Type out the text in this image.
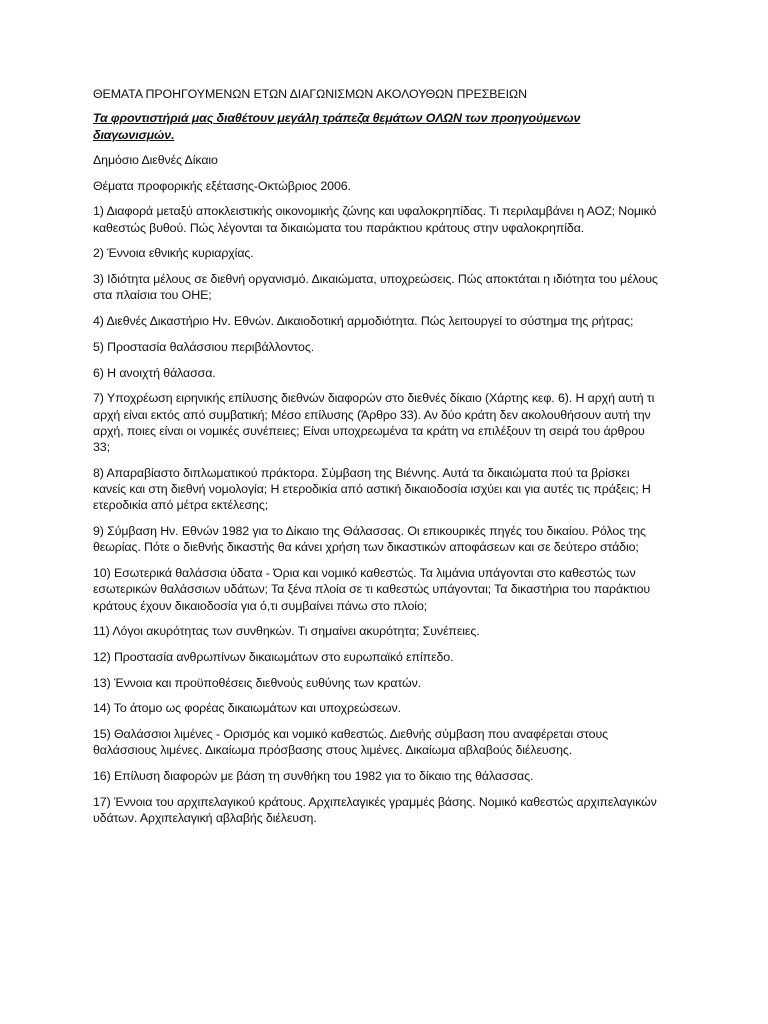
ΘΕΜΑΤΑ ΠΡΟΗΓΟΥΜΕΝΩΝ ΕΤΩΝ ΔΙΑΓΩΝΙΣΜΩΝ ΑΚΟΛΟΥΘΩΝ ΠΡΕΣΒΕΙΩΝ

Τα φροντιστήριά μας διαθέτουν μεγάλη τράπεζα θεμάτων ΟΛΩΝ των προηγούμενων διαγωνισμών.

Δημόσιο Διεθνές Δίκαιο

Θέματα προφορικής εξέτασης-Οκτώβριος 2006.

1) Διαφορά μεταξύ αποκλειστικής οικονομικής ζώνης και υφαλοκρηπίδας. Τι περιλαμβάνει η ΑΟΖ; Νομικό καθεστώς βυθού. Πώς λέγονται τα δικαιώματα του παράκτιου κράτους στην υφαλοκρηπίδα.

2) Έννοια εθνικής κυριαρχίας.

3) Ιδιότητα μέλους σε διεθνή οργανισμό. Δικαιώματα, υποχρεώσεις. Πώς αποκτάται η ιδιότητα του μέλους στα πλαίσια του ΟΗΕ;

4) Διεθνές Δικαστήριο Ην. Εθνών. Δικαιοδοτική αρμοδιότητα. Πώς λειτουργεί το σύστημα της ρήτρας;

5) Προστασία θαλάσσιου περιβάλλοντος.

6) Η ανοιχτή θάλασσα.

7) Υποχρέωση ειρηνικής επίλυσης διεθνών διαφορών στο διεθνές δίκαιο (Χάρτης κεφ. 6). Η αρχή αυτή τι αρχή είναι εκτός από συμβατική; Μέσο επίλυσης (Άρθρο 33). Αν δύο κράτη δεν ακολουθήσουν αυτή την αρχή, ποιες είναι οι νομικές συνέπειες; Είναι υποχρεωμένα τα κράτη να επιλέξουν τη σειρά του άρθρου 33;

8) Απαραβίαστο διπλωματικού πράκτορα. Σύμβαση της Βιέννης. Αυτά τα δικαιώματα πού τα βρίσκει κανείς και στη διεθνή νομολογία; Η ετεροδικία από αστική δικαιοδοσία ισχύει και για αυτές τις πράξεις; Η ετεροδικία από μέτρα εκτέλεσης;

9) Σύμβαση Ην. Εθνών 1982 για το Δίκαιο της Θάλασσας. Οι επικουρικές πηγές του δικαίου. Ρόλος της θεωρίας. Πότε ο διεθνής δικαστής θα κάνει χρήση των δικαστικών αποφάσεων και σε δεύτερο στάδιο;

10) Εσωτερικά θαλάσσια ύδατα - Όρια και νομικό καθεστώς. Τα λιμάνια υπάγονται στο καθεστώς των εσωτερικών θαλάσσιων υδάτων; Τα ξένα πλοία σε τι καθεστώς υπάγονται; Τα δικαστήρια του παράκτιου κράτους έχουν δικαιοδοσία για ό,τι συμβαίνει πάνω στο πλοίο;

11) Λόγοι ακυρότητας των συνθηκών. Τι σημαίνει ακυρότητα; Συνέπειες.

12) Προστασία ανθρωπίνων δικαιωμάτων στο ευρωπαϊκό επίπεδο.

13) Έννοια και προϋποθέσεις διεθνούς ευθύνης των κρατών.

14) Το άτομο ως φορέας δικαιωμάτων και υποχρεώσεων.

15) Θαλάσσιοι λιμένες - Ορισμός και νομικό καθεστώς. Διεθνής σύμβαση που αναφέρεται στους θαλάσσιους λιμένες. Δικαίωμα πρόσβασης στους λιμένες. Δικαίωμα αβλαβούς διέλευσης.

16) Επίλυση διαφορών με βάση τη συνθήκη του 1982 για το δίκαιο της θάλασσας.

17) Έννοια του αρχιπελαγικού κράτους. Αρχιπελαγικές γραμμές βάσης. Νομικό καθεστώς αρχιπελαγικών υδάτων. Αρχιπελαγική αβλαβής διέλευση.
